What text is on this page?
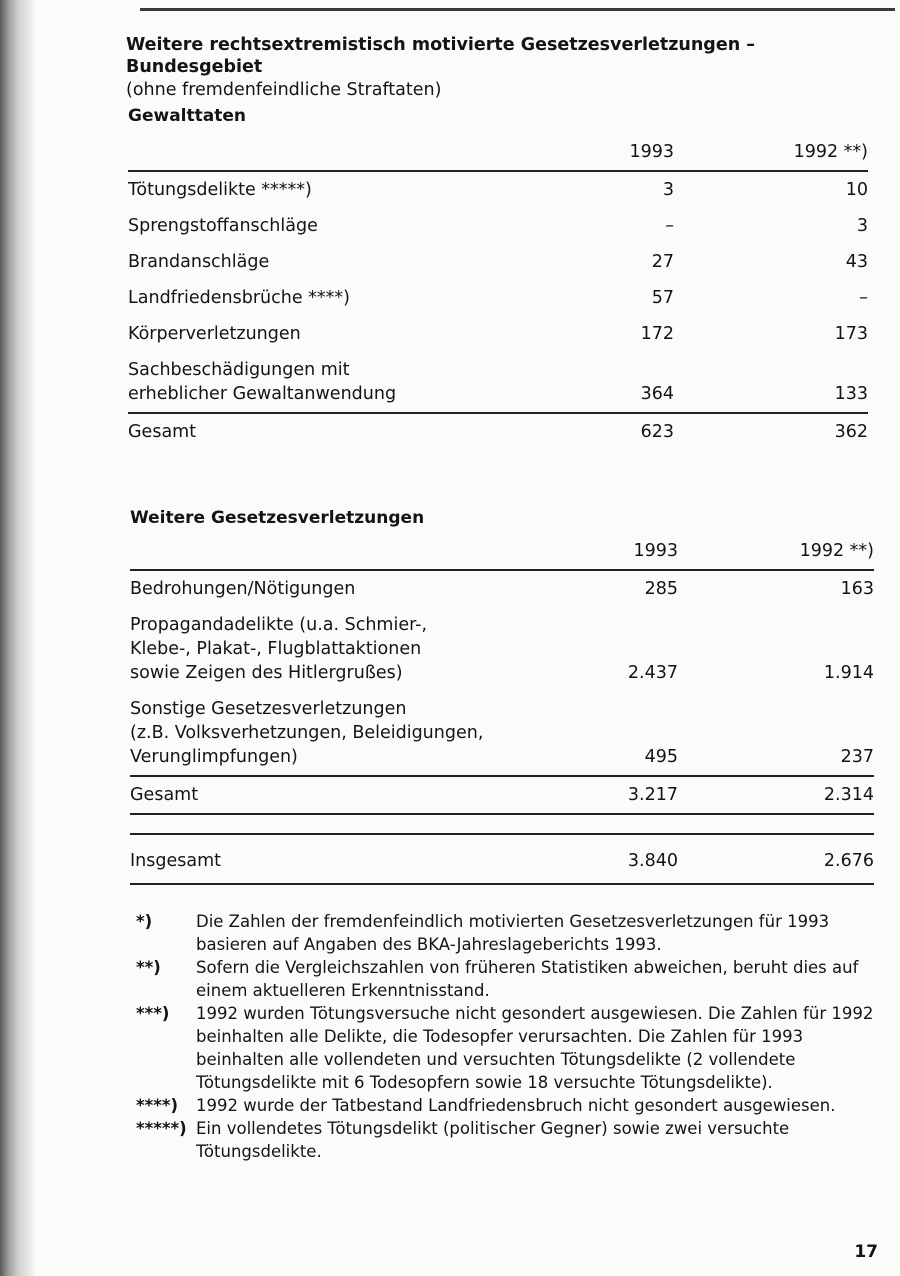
Weitere rechtsextremistisch motivierte Gesetzesverletzungen – Bundesgebiet

(ohne fremdenfeindliche Straftaten)

Gewalttaten
	1993	1992 **)
Tötungsdelikte *****)	3	10
Sprengstoffanschläge	–	3
Brandanschläge	27	43
Landfriedensbrüche ****)	57	–
Körperverletzungen	172	173
Sachbeschädigungen mit
erheblicher Gewaltanwendung	364	133
Gesamt	623	362
Weitere Gesetzesverletzungen
	1993	1992 **)
Bedrohungen/Nötigungen	285	163
Propagandadelikte (u.a. Schmier-,
Klebe-, Plakat-, Flugblattaktionen
sowie Zeigen des Hitlergrußes)	2.437	1.914
Sonstige Gesetzesverletzungen
(z.B. Volksverhetzungen, Beleidigungen,
Verunglimpfungen)	495	237
Gesamt	3.217	2.314

Insgesamt	3.840	2.676
*)	Die Zahlen der fremdenfeindlich motivierten Gesetzesverletzungen für 1993 basieren auf Angaben des BKA-Jahreslageberichts 1993.
**) Sofern die Vergleichszahlen von früheren Statistiken abweichen, beruht dies auf einem aktuelleren Erkenntnisstand.
***) 1992 wurden Tötungsversuche nicht gesondert ausgewiesen. Die Zahlen für 1992 beinhalten alle Delikte, die Todesopfer verursachten. Die Zahlen für 1993 beinhalten alle vollendeten und versuchten Tötungsdelikte (2 vollendete Tötungsdelikte mit 6 Todesopfern sowie 18 versuchte Tötungsdelikte).
****) 1992 wurde der Tatbestand Landfriedensbruch nicht gesondert ausgewiesen.
*****) Ein vollendetes Tötungsdelikt (politischer Gegner) sowie zwei versuchte Tötungsdelikte.
17
